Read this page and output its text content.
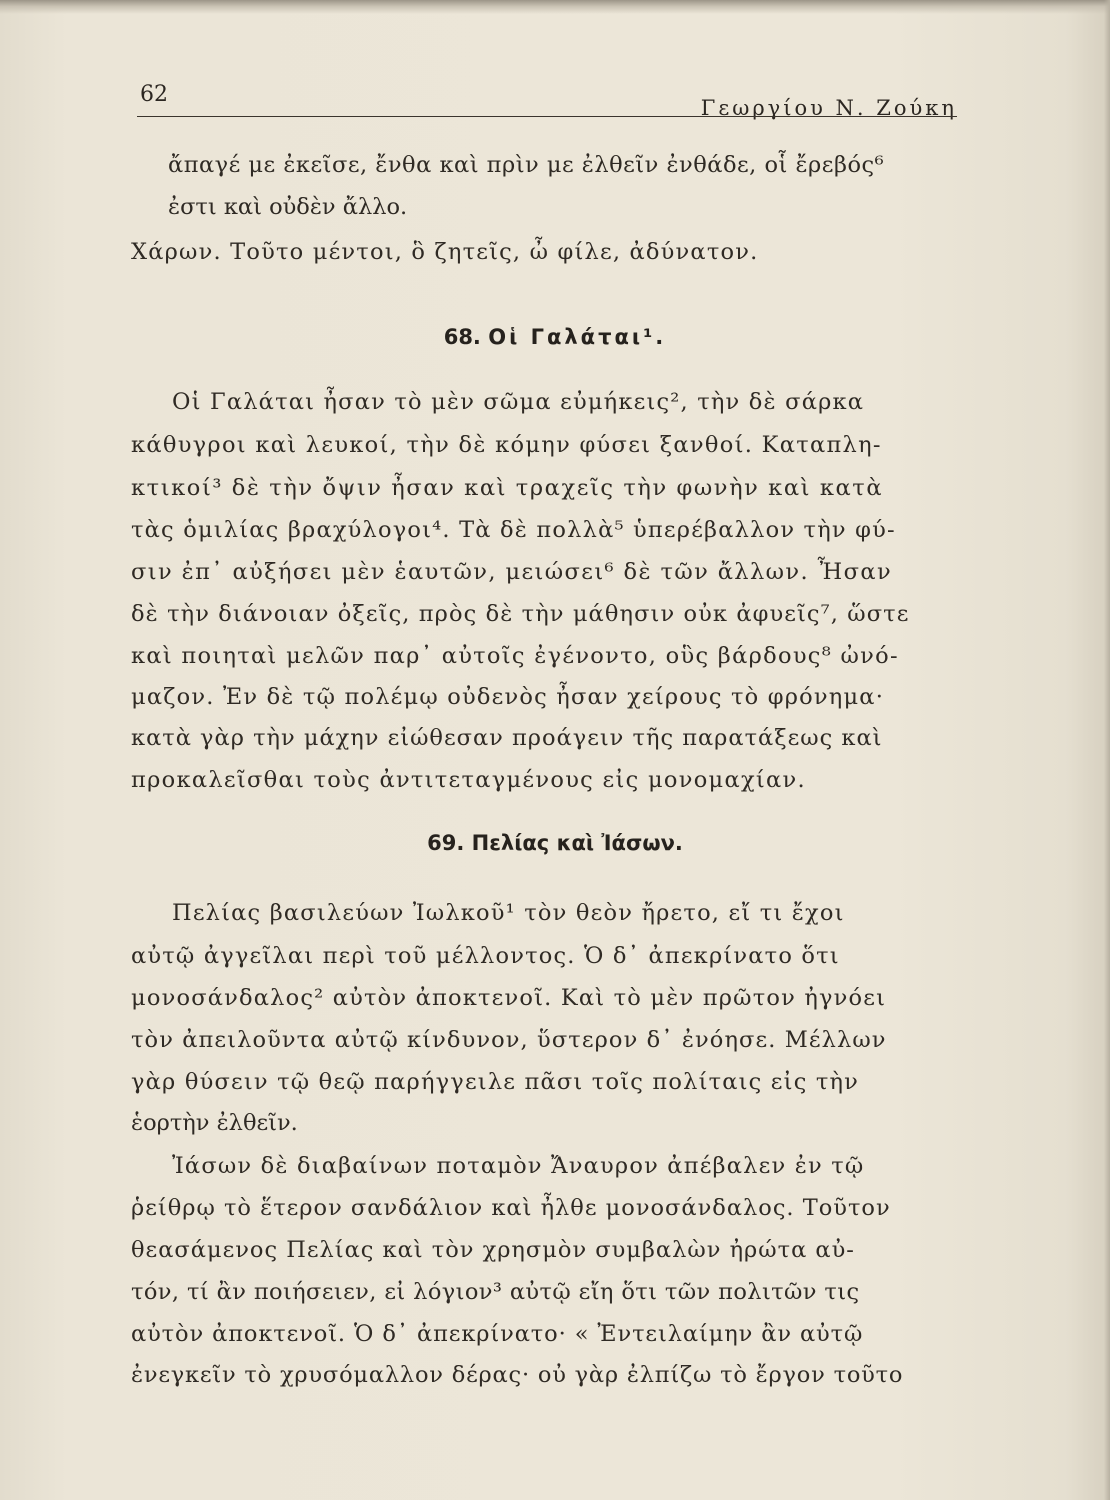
62
Γεωργίου Ν. Ζούκη
ἄπαγέ με ἐκεῖσε, ἔνθα καὶ πρὶν με ἐλθεῖν ἐνθάδε, οἷ ἔρεβός⁶
ἐστι καὶ οὐδὲν ἄλλο.
Χάρων. Τοῦτο μέντοι, ὃ ζητεῖς, ὦ φίλε, ἀδύνατον.
68. Οἱ Γαλάται¹.
Οἱ Γαλάται ἦσαν τὸ μὲν σῶμα εὐμήκεις², τὴν δὲ σάρκα
κάθυγροι καὶ λευκοί, τὴν δὲ κόμην φύσει ξανθοί. Καταπλη-
κτικοί³ δὲ τὴν ὄψιν ἦσαν καὶ τραχεῖς τὴν φωνὴν καὶ κατὰ
τὰς ὁμιλίας βραχύλογοι⁴. Τὰ δὲ πολλὰ⁵ ὑπερέβαλλον τὴν φύ-
σιν ἐπ᾿ αὐξήσει μὲν ἑαυτῶν, μειώσει⁶ δὲ τῶν ἄλλων. Ἦσαν
δὲ τὴν διάνοιαν ὀξεῖς, πρὸς δὲ τὴν μάθησιν οὐκ ἀφυεῖς⁷, ὥστε
καὶ ποιηταὶ μελῶν παρ᾿ αὐτοῖς ἐγένοντο, οὓς βάρδους⁸ ὠνό-
μαζον. Ἐν δὲ τῷ πολέμῳ οὐδενὸς ἦσαν χείρους τὸ φρόνημα·
κατὰ γὰρ τὴν μάχην εἰώθεσαν προάγειν τῆς παρατάξεως καὶ
προκαλεῖσθαι τοὺς ἀντιτεταγμένους εἰς μονομαχίαν.
69. Πελίας καὶ Ἰάσων.
Πελίας βασιλεύων Ἰωλκοῦ¹ τὸν θεὸν ἤρετο, εἴ τι ἔχοι
αὐτῷ ἀγγεῖλαι περὶ τοῦ μέλλοντος. Ὁ δ᾿ ἀπεκρίνατο ὅτι
μονοσάνδαλος² αὐτὸν ἀποκτενοῖ. Καὶ τὸ μὲν πρῶτον ἠγνόει
τὸν ἀπειλοῦντα αὐτῷ κίνδυνον, ὕστερον δ᾿ ἐνόησε. Μέλλων
γὰρ θύσειν τῷ θεῷ παρήγγειλε πᾶσι τοῖς πολίταις εἰς τὴν
ἑορτὴν ἐλθεῖν.
Ἰάσων δὲ διαβαίνων ποταμὸν Ἄναυρον ἀπέβαλεν ἐν τῷ
ῥείθρῳ τὸ ἕτερον σανδάλιον καὶ ἦλθε μονοσάνδαλος. Τοῦτον
θεασάμενος Πελίας καὶ τὸν χρησμὸν συμβαλὼν ἠρώτα αὐ-
τόν, τί ἂν ποιήσειεν, εἰ λόγιον³ αὐτῷ εἴη ὅτι τῶν πολιτῶν τις
αὐτὸν ἀποκτενοῖ. Ὁ δ᾿ ἀπεκρίνατο· « Ἐντειλαίμην ἂν αὐτῷ
ἐνεγκεῖν τὸ χρυσόμαλλον δέρας· οὐ γὰρ ἐλπίζω τὸ ἔργον τοῦτο
